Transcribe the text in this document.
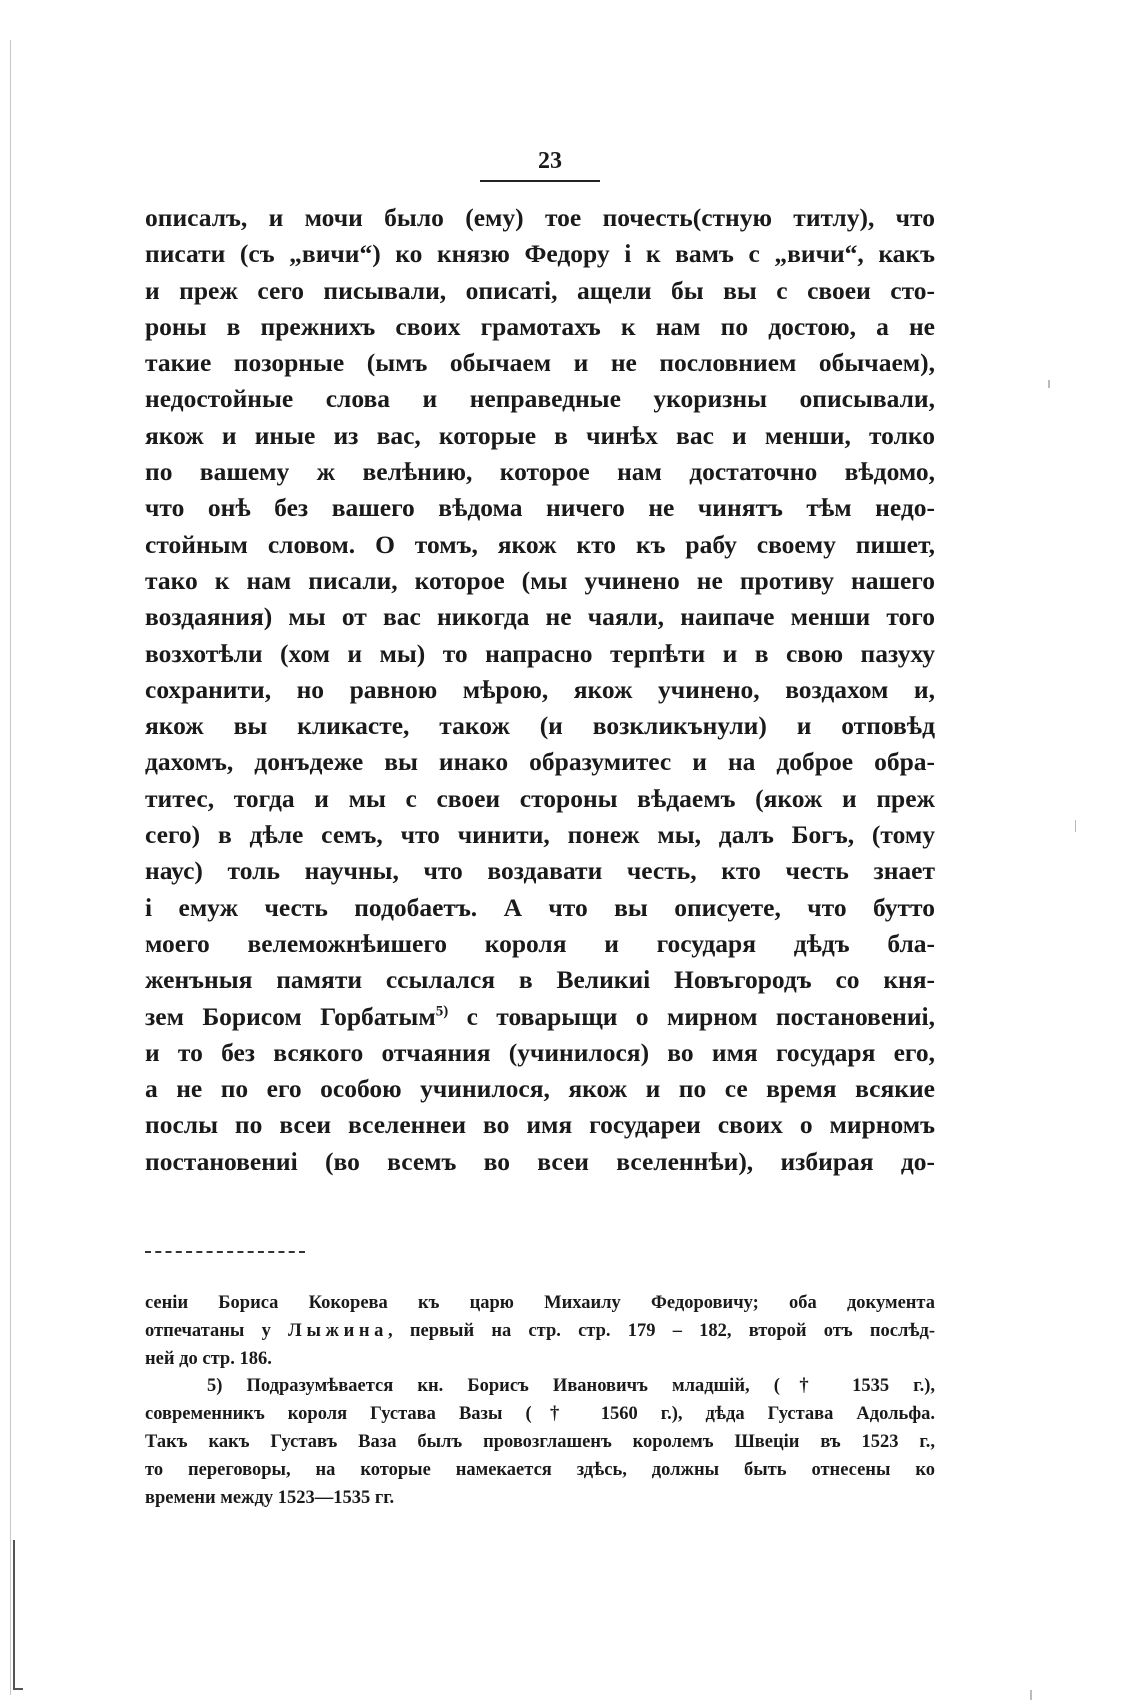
23
описалъ, и мочи было (ему) тое почесть(стную титлу), что
писати (съ „вичи“) ко князю Федору і к вамъ с „вичи“, какъ
и преж сего писывали, описаті, ащели бы вы с своеи сто-
роны в прежнихъ своих грамотахъ к нам по достою, а не
такие позорные (ымъ обычаем и не пословнием обычаем),
недостойные слова и неправедные укоризны описывали,
якож и иные из вас, которые в чинѣх вас и менши, толко
по вашему ж велѣнию, которое нам достаточно вѣдомо,
что онѣ без вашего вѣдома ничего не чинятъ тѣм недо-
стойным словом. О томъ, якож кто къ рабу своему пишет,
тако к нам писали, которое (мы учинено не противу нашего
воздаяния) мы от вас никогда не чаяли, наипаче менши того
возхотѣли (хом и мы) то напрасно терпѣти и в свою пазуху
сохранити, но равною мѣрою, якож учинено, воздахом и,
якож вы кликасте, також (и возкликънули) и отповѣд
дахомъ, донъдеже вы инако образумитес и на доброе обра-
титес, тогда и мы с своеи стороны вѣдаемъ (якож и преж
сего) в дѣле семъ, что чинити, понеж мы, далъ Богъ, (тому
наус) толь научны, что воздавати честь, кто честь знает
і емуж честь подобаетъ. А что вы описуете, что бутто
моего велеможнѣишего короля и государя дѣдъ бла-
женъныя памяти ссылался в Великиі Новъгородъ со кня-
зем Борисом Горбатым$^{5)}$ с товарыщи о мирном постановениі,
и то без всякого отчаяния (учинилося) во имя государя его,
а не по его особою учинилося, якож и по се время всякие
послы по всеи вселеннеи во имя государеи своих о мирномъ
постановениі (во всемъ во всеи вселеннѣи), избирая до-
сеніи Бориса Кокорева къ царю Михаилу Федоровичу; оба документа
отпечатаны у Лыжина, первый на стр. стр. 179 – 182, второй отъ послѣд-
ней до стр. 186.
5) Подразумѣвается кн. Борисъ Ивановичъ младшій, († 1535 г.),
современникъ короля Густава Вазы († 1560 г.), дѣда Густава Адольфа.
Такъ какъ Густавъ Ваза былъ провозглашенъ королемъ Швеціи въ 1523 г.,
то переговоры, на которые намекается здѣсь, должны быть отнесены ко
времени между 1523—1535 гг.
